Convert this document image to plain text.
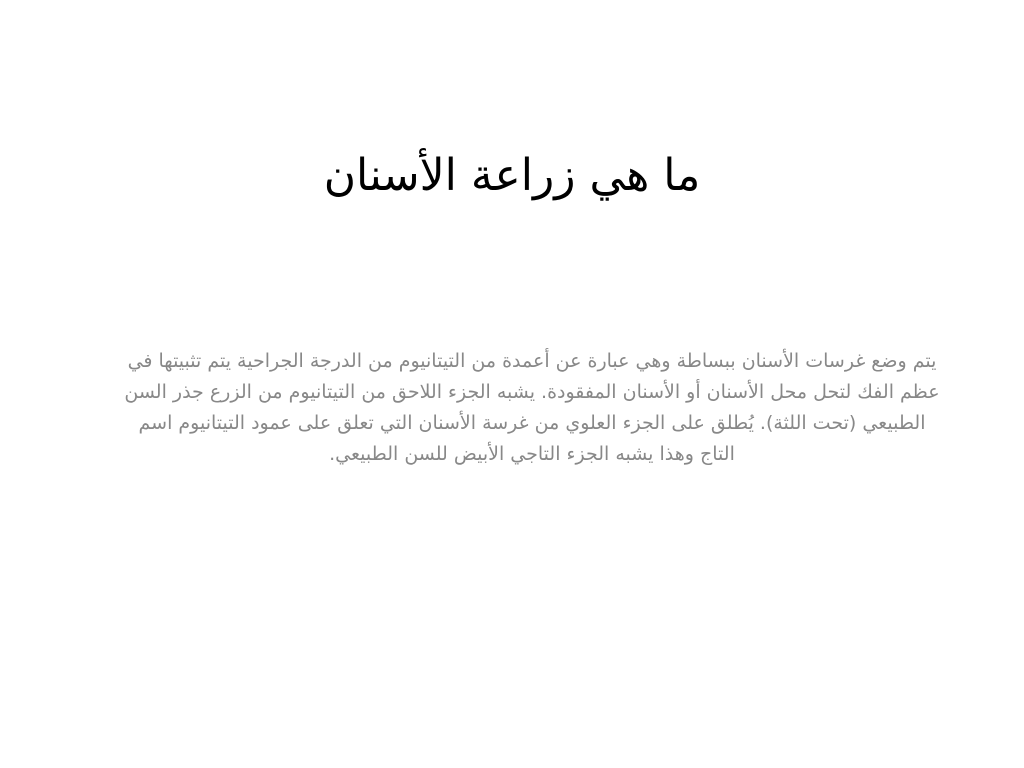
ما هي زراعة الأسنان

يتم وضع غرسات الأسنان ببساطة وهي عبارة عن أعمدة من التيتانيوم من الدرجة الجراحية يتم تثبيتها في عظم الفك لتحل محل الأسنان أو الأسنان المفقودة. يشبه الجزء اللاحق من التيتانيوم من الزرع جذر السن الطبيعي (تحت اللثة). يُطلق على الجزء العلوي من غرسة الأسنان التي تعلق على عمود التيتانيوم اسم التاج وهذا يشبه الجزء التاجي الأبيض للسن الطبيعي.
